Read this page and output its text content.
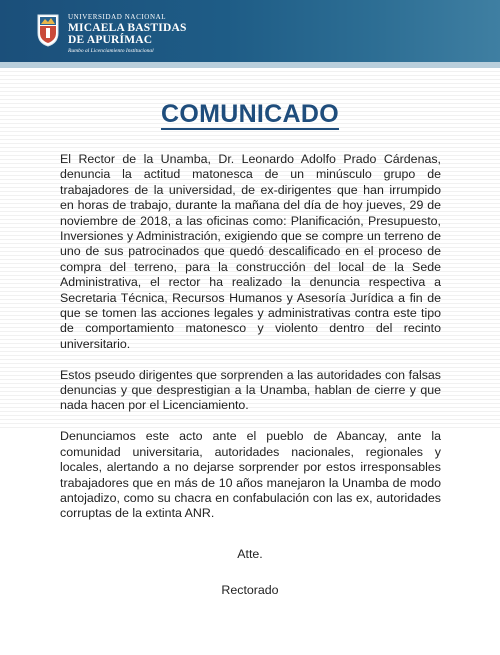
UNIVERSIDAD NACIONAL
MICAELA BASTIDAS
DE APURÍMAC
Rumbo al Licenciamiento Institucional
COMUNICADO

El Rector de la Unamba, Dr. Leonardo Adolfo Prado Cárdenas, denuncia la actitud matonesca de un minúsculo grupo de trabajadores de la universidad, de ex-dirigentes que han irrumpido en horas de trabajo, durante la mañana del día de hoy jueves, 29 de noviembre de 2018, a las oficinas como: Planificación, Presupuesto, Inversiones y Administración, exigiendo que se compre un terreno de uno de sus patrocinados que quedó descalificado en el proceso de compra del terreno, para la construcción del local de la Sede Administrativa, el rector ha realizado la denuncia respectiva a Secretaria Técnica, Recursos Humanos y Asesoría Jurídica a fin de que se tomen las acciones legales y administrativas contra este tipo de comportamiento matonesco y violento dentro del recinto universitario.

Estos pseudo dirigentes que sorprenden a las autoridades con falsas denuncias y que desprestigian a la Unamba, hablan de cierre y que nada hacen por el Licenciamiento.

Denunciamos este acto ante el pueblo de Abancay, ante la comunidad universitaria, autoridades nacionales, regionales y locales, alertando a no dejarse sorprender por estos irresponsables trabajadores que en más de 10 años manejaron la Unamba de modo antojadizo, como su chacra en confabulación con las ex, autoridades corruptas de la extinta ANR.

Atte.
Rectorado
